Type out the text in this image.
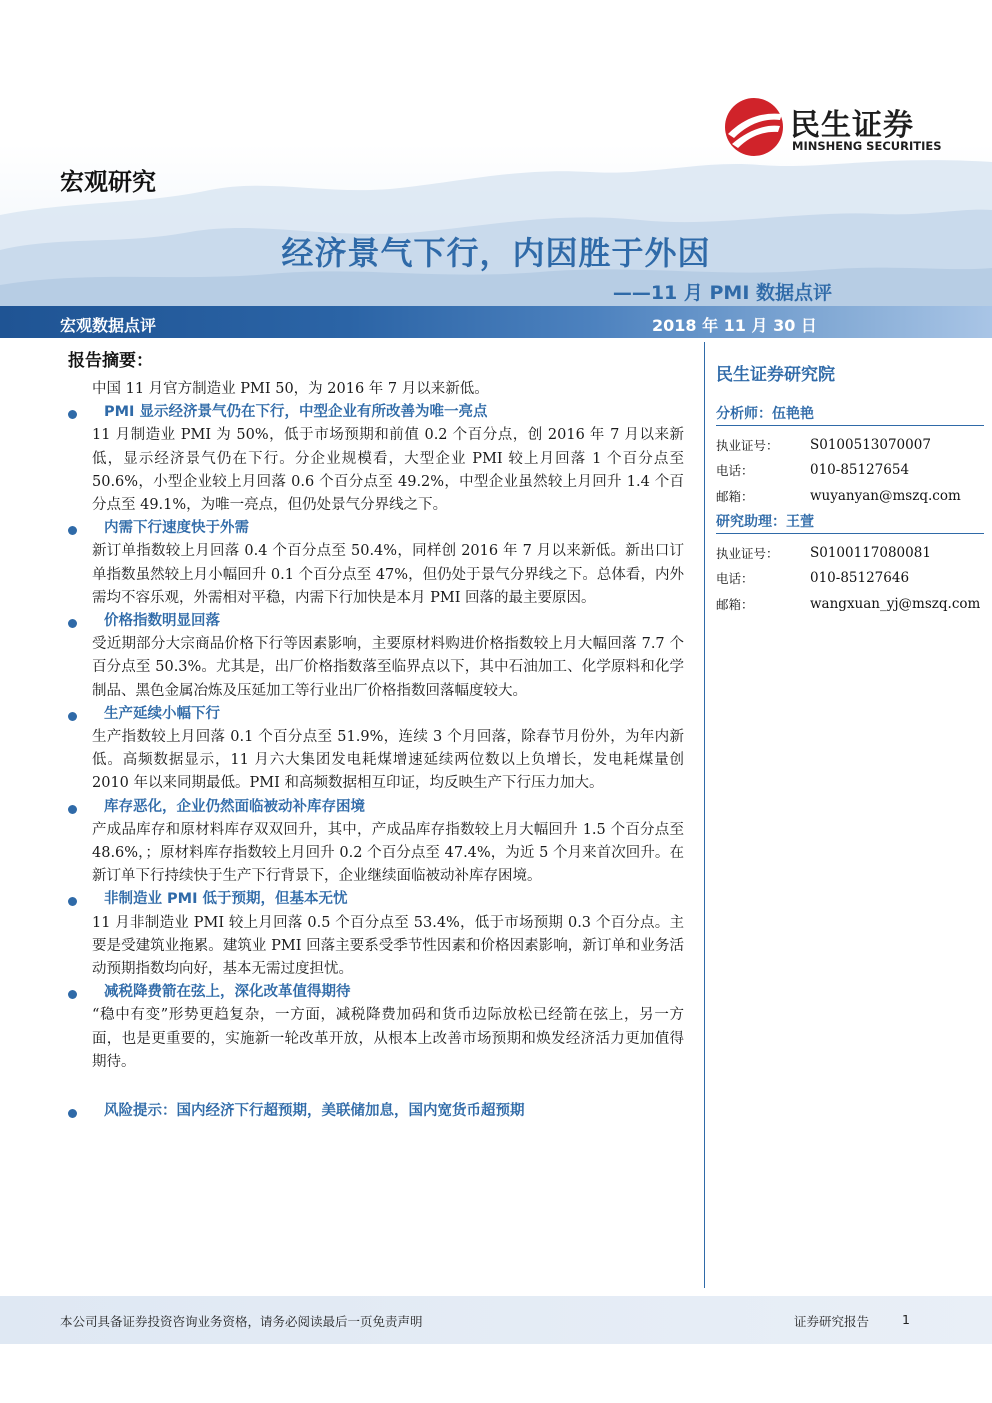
民生证券
MINSHENG SECURITIES
宏观研究
经济景气下行，内因胜于外因
——11 月 PMI 数据点评
宏观数据点评	2018 年 11 月 30 日
报告摘要：

中国 11 月官方制造业 PMI 50，为 2016 年 7 月以来新低。

PMI 显示经济景气仍在下行，中型企业有所改善为唯一亮点

11 月制造业 PMI 为 50%，低于市场预期和前值 0.2 个百分点，创 2016 年 7 月以来新低，显示经济景气仍在下行。分企业规模看，大型企业 PMI 较上月回落 1 个百分点至 50.6%，小型企业较上月回落 0.6 个百分点至 49.2%，中型企业虽然较上月回升 1.4 个百分点至 49.1%，为唯一亮点，但仍处景气分界线之下。

内需下行速度快于外需

新订单指数较上月回落 0.4 个百分点至 50.4%，同样创 2016 年 7 月以来新低。新出口订单指数虽然较上月小幅回升 0.1 个百分点至 47%，但仍处于景气分界线之下。总体看，内外需均不容乐观，外需相对平稳，内需下行加快是本月 PMI 回落的最主要原因。

价格指数明显回落

受近期部分大宗商品价格下行等因素影响，主要原材料购进价格指数较上月大幅回落 7.7 个百分点至 50.3%。尤其是，出厂价格指数落至临界点以下，其中石油加工、化学原料和化学制品、黑色金属冶炼及压延加工等行业出厂价格指数回落幅度较大。

生产延续小幅下行

生产指数较上月回落 0.1 个百分点至 51.9%，连续 3 个月回落，除春节月份外，为年内新低。高频数据显示，11 月六大集团发电耗煤增速延续两位数以上负增长，发电耗煤量创 2010 年以来同期最低。PMI 和高频数据相互印证，均反映生产下行压力加大。

库存恶化，企业仍然面临被动补库存困境

产成品库存和原材料库存双双回升，其中，产成品库存指数较上月大幅回升 1.5 个百分点至 48.6%，；原材料库存指数较上月回升 0.2 个百分点至 47.4%，为近 5 个月来首次回升。在新订单下行持续快于生产下行背景下，企业继续面临被动补库存困境。

非制造业 PMI 低于预期，但基本无忧

11 月非制造业 PMI 较上月回落 0.5 个百分点至 53.4%，低于市场预期 0.3 个百分点。主要是受建筑业拖累。建筑业 PMI 回落主要系受季节性因素和价格因素影响，新订单和业务活动预期指数均向好，基本无需过度担忧。

减税降费箭在弦上，深化改革值得期待

“稳中有变”形势更趋复杂，一方面，减税降费加码和货币边际放松已经箭在弦上，另一方面，也是更重要的，实施新一轮改革开放，从根本上改善市场预期和焕发经济活力更加值得期待。

风险提示：国内经济下行超预期，美联储加息，国内宽货币超预期
民生证券研究院
分析师：伍艳艳
执业证号：	S0100513070007
电话：	010-85127654
邮箱：	wuyanyan@mszq.com
研究助理：王萱
执业证号：	S0100117080081
电话：	010-85127646
邮箱：	wangxuan_yj@mszq.com
本公司具备证券投资咨询业务资格，请务必阅读最后一页免责声明	证券研究报告	1
